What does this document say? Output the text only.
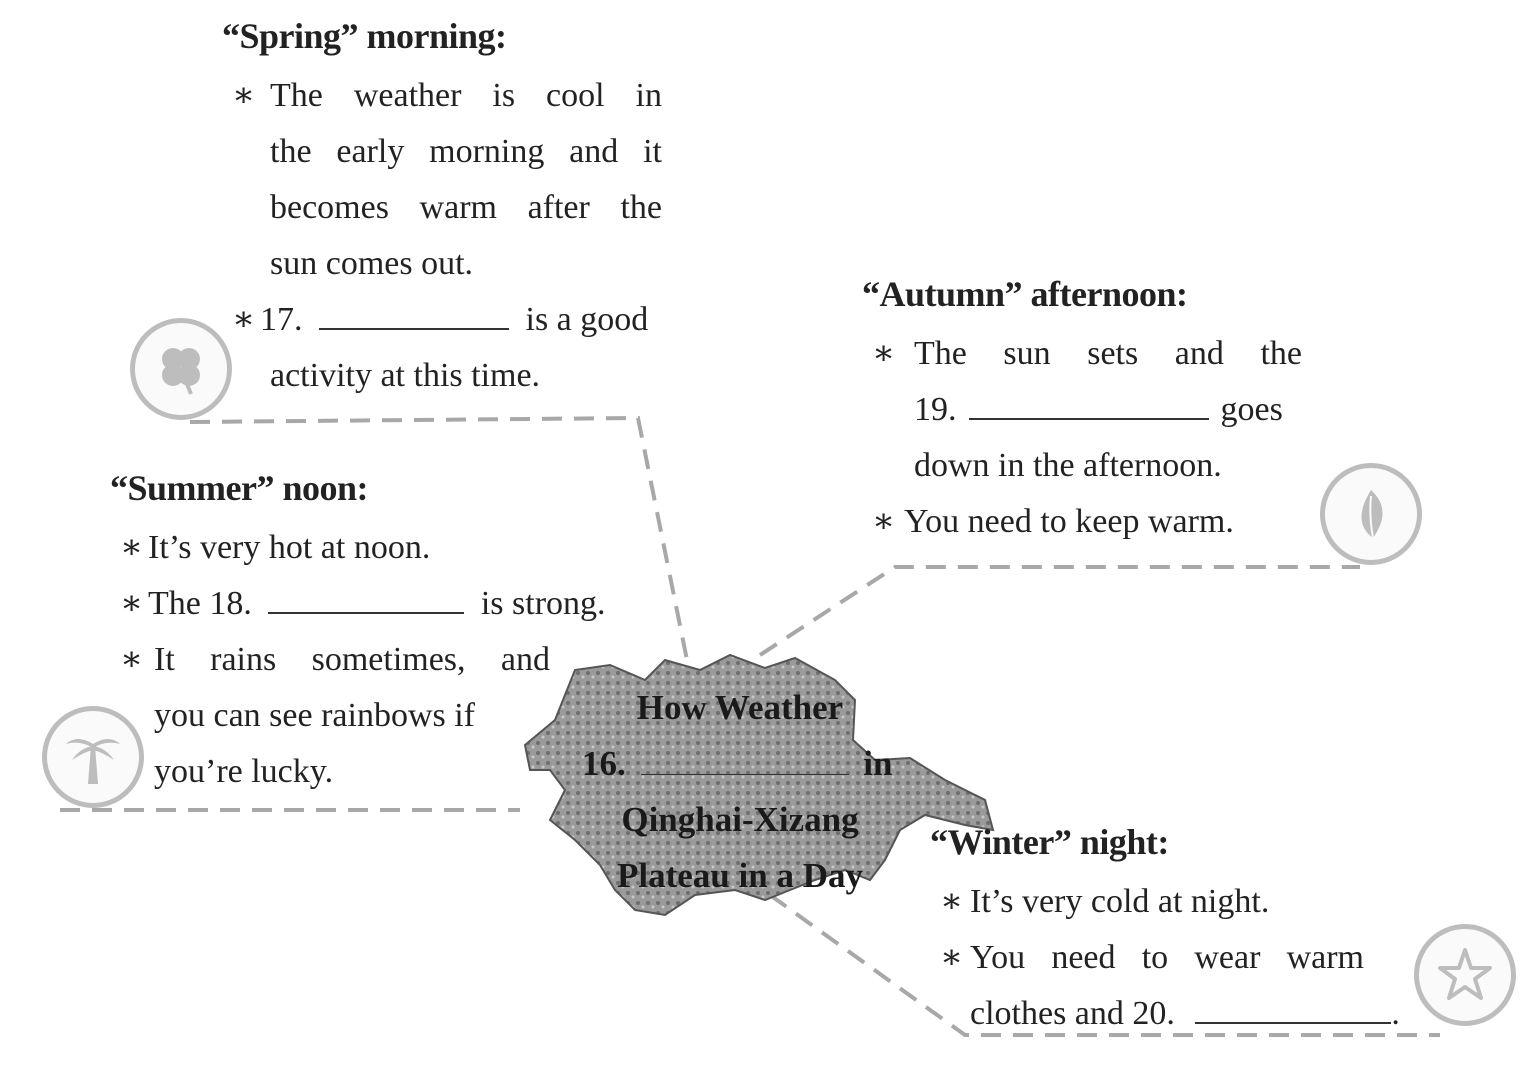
How Weather
16.	in
Qinghai-Xizang
Plateau in a Day
“Spring” morning:
∗ The weather is cool in
the early morning and it
becomes warm after the
sun comes out.
∗ 17.	is a good
activity at this time.
“Summer” noon:
∗ It’s very hot at noon.
∗ The 18.	is strong.
∗ It rains sometimes, and
you can see rainbows if
you’re lucky.
“Autumn” afternoon:
∗ The sun sets and the
19.	goes
down in the afternoon.
∗ You need to keep warm.
“Winter” night:
∗ It’s very cold at night.
∗ You need to wear warm
clothes and 20.	.
